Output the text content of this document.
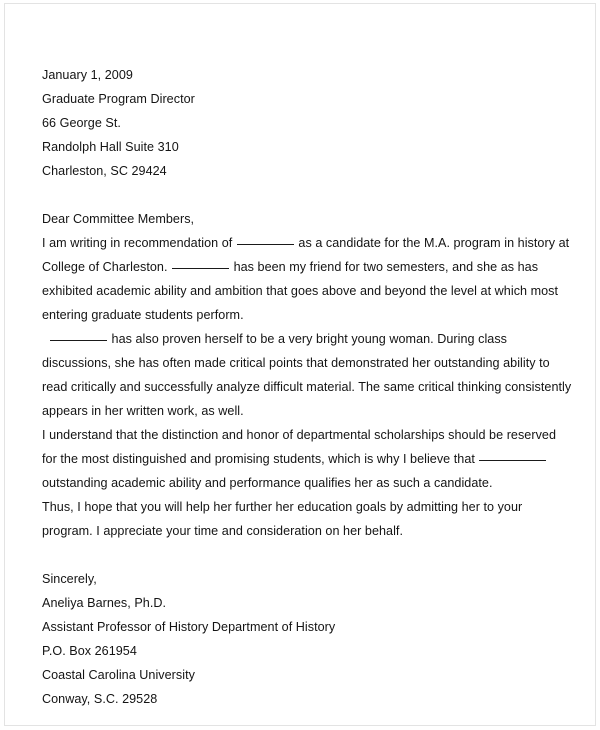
January 1, 2009
Graduate Program Director
66 George St.
Randolph Hall Suite 310
Charleston, SC 29424
Dear Committee Members,

I am writing in recommendation of	as a candidate for the M.A. program in history at College of Charleston.	has been my friend for two semesters, and she as has exhibited academic ability and ambition that goes above and beyond the level at which most entering graduate students perform.

has also proven herself to be a very bright young woman. During class discussions, she has often made critical points that demonstrated her outstanding ability to read critically and successfully analyze difficult material. The same critical thinking consistently appears in her written work, as well.

I understand that the distinction and honor of departmental scholarships should be reserved for the most distinguished and promising students, which is why I believe that  outstanding academic ability and performance qualifies her as such a candidate.

Thus, I hope that you will help her further her education goals by admitting her to your program. I appreciate your time and consideration on her behalf.

Sincerely,
Aneliya Barnes, Ph.D.
Assistant Professor of History Department of History
P.O. Box 261954
Coastal Carolina University
Conway, S.C. 29528
